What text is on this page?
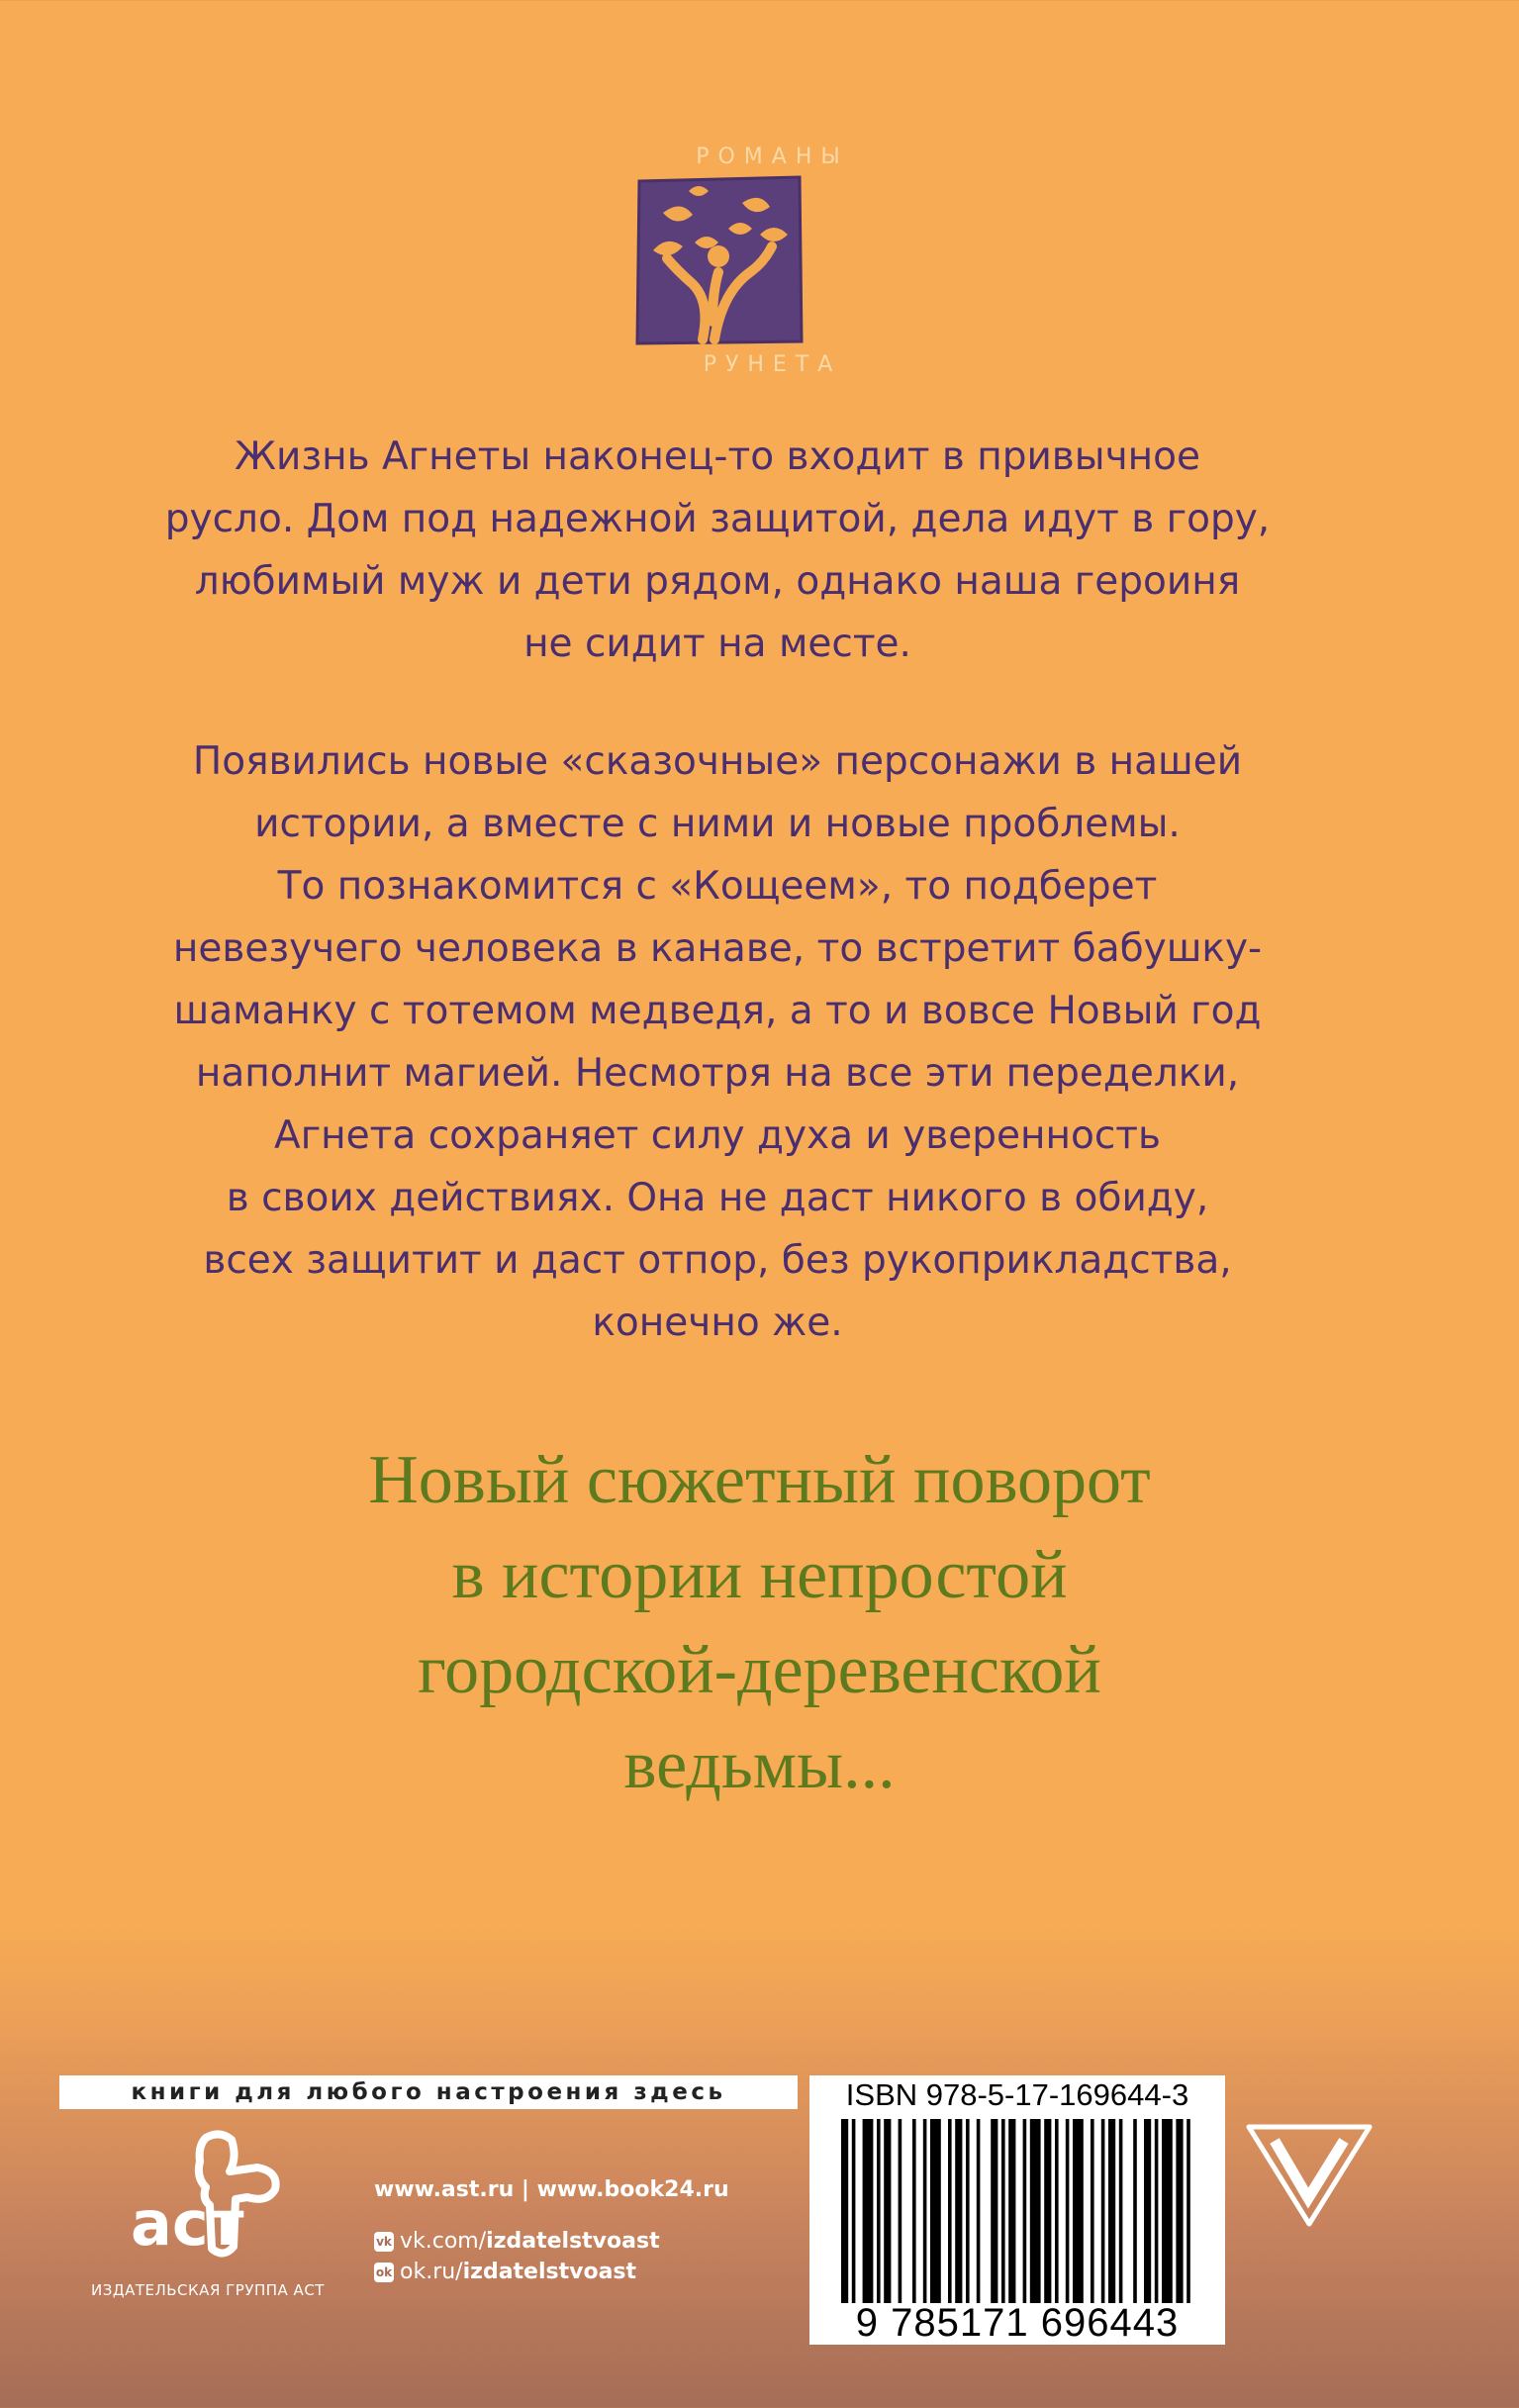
РОМАНЫ
РУНЕТА

Жизнь Агнеты наконец-то входит в привычное
русло. Дом под надежной защитой, дела идут в гору,
любимый муж и дети рядом, однако наша героиня
не сидит на месте.

Появились новые «сказочные» персонажи в нашей
истории, а вместе с ними и новые проблемы.
То познакомится с «Кощеем», то подберет
невезучего человека в канаве, то встретит бабушку-
шаманку с тотемом медведя, а то и вовсе Новый год
наполнит магией. Несмотря на все эти переделки,
Агнета сохраняет силу духа и уверенность
в своих действиях. Она не даст никого в обиду,
всех защитит и даст отпор, без рукоприкладства,
конечно же.

Новый сюжетный поворот
в истории непростой
городской-деревенской
ведьмы...

книги для любого настроения здесь
аст
ИЗДАТЕЛЬСКАЯ ГРУППА АСТ
www.ast.ru | www.book24.ru
vk vk.com/izdatelstvoast
ok ok.ru/izdatelstvoast
ISBN 978-5-17-169644-3
9 785171 696443
